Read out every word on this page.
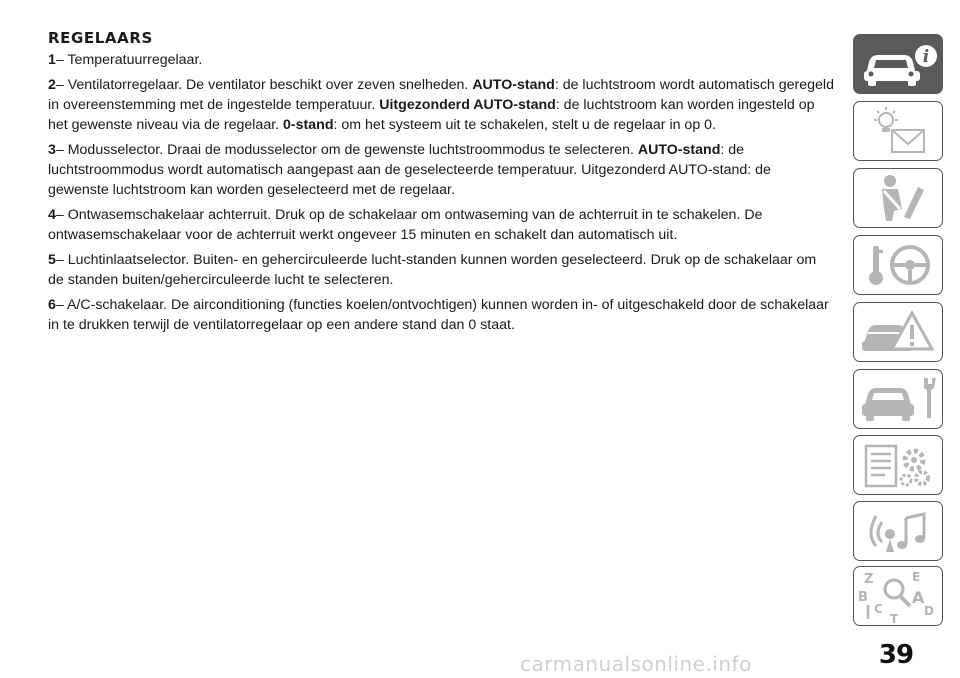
REGELAARS

1– Temperatuurregelaar.

2– Ventilatorregelaar. De ventilator beschikt over zeven snelheden. AUTO-stand: de luchtstroom wordt automatisch geregeld in overeenstemming met de ingestelde temperatuur. Uitgezonderd AUTO-stand: de luchtstroom kan worden ingesteld op het gewenste niveau via de regelaar. 0-stand: om het systeem uit te schakelen, stelt u de regelaar in op 0.

3– Modusselector. Draai de modusselector om de gewenste luchtstroommodus te selecteren. AUTO-stand: de luchtstroommodus wordt automatisch aangepast aan de geselecteerde temperatuur. Uitgezonderd AUTO-stand: de gewenste luchtstroom kan worden geselecteerd met de regelaar.

4– Ontwasemschakelaar achterruit. Druk op de schakelaar om ontwaseming van de achterruit in te schakelen. De ontwasemschakelaar voor de achterruit werkt ongeveer 15 minuten en schakelt dan automatisch uit.

5– Luchtinlaatselector. Buiten- en gehercirculeerde lucht-standen kunnen worden geselecteerd. Druk op de schakelaar om de standen buiten/gehercirculeerde lucht te selecteren.

6– A/C-schakelaar. De airconditioning (functies koelen/ontvochtigen) kunnen worden in- of uitgeschakeld door de schakelaar in te drukken terwijl de ventilatorregelaar op een andere stand dan 0 staat.

i
Z	E
B	A
C	D
T
carmanualsonline.info	39
